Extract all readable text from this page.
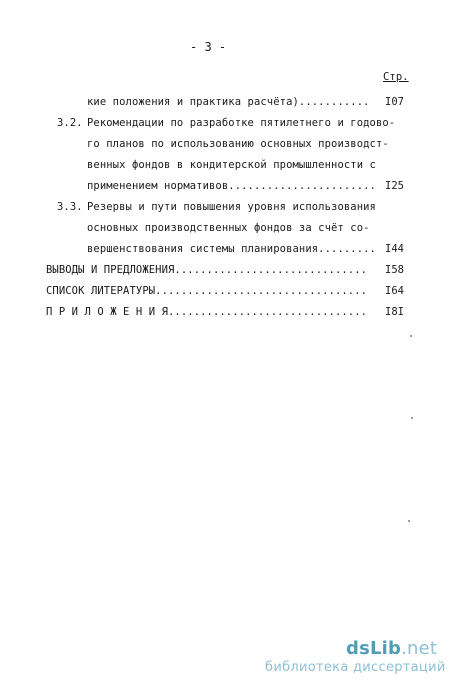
- 3 -
Стр.
кие положения и практика расчёта)........... I07
3.2. Рекомендации по разработке пятилетнего и годово-
го планов по использованию основных производст-
венных фондов в кондитерской промышленности с
применением нормативов....................... I25
3.3. Резервы и пути повышения уровня использования
основных производственных фондов за счёт со-
вершенствования системы планирования......... I44
ВЫВОДЫ И ПРЕДЛОЖЕНИЯ.............................. I58
СПИСОК ЛИТЕРАТУРЫ................................. I64
П Р И Л О Ж Е Н И Я............................... I8I
dsLib.net
библиотека диссертаций
